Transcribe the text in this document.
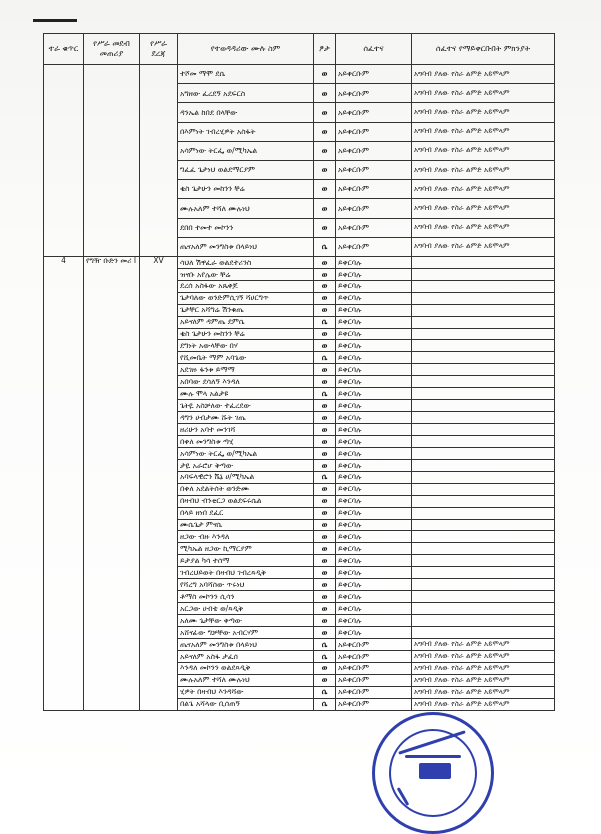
ተራ ቁጥር	የሥራ መደብ መጠሪያ	የሥራ ደረጃ	የተወዳዳሪው ሙሉ ስም	ፆታ	ሰፈተና	ሰፈተና የማይቀርቡበት ምክንያት
			ተሾመ ማሞ ደሴ	ወ	አይቀርቡም	አግባብ ያለው የስራ ልምድ አይሞላም
			አግዘው ፈረደኝ አደፍርስ	ወ	አይቀርቡም	አግባብ ያለው የስራ ልምድ አይሞላም
			ዳንኤል ከበደ በላቸው	ወ	አይቀርቡም	አግባብ ያለው የስራ ልምድ አይሞላም
			በእምነት ገብረሂዎት አስፋት	ወ	አይቀርቡም	አግባብ ያለው የስራ ልምድ አይሞላም
			አሳምነው ትርፌ ወ/ሚካኤል	ወ	አይቀርቡም	አግባብ ያለው የስራ ልምድ አይሞላም
			ግፈፈ ጌታነህ ወልደማርያም	ወ	አይቀርቡም	አግባብ ያለው የስራ ልምድ አይሞላም
			ቂስ ጌታሁን መከንን ቸሬ	ወ	አይቀርቡም	አግባብ ያለው የስራ ልምድ አይሞላም
			ሙሉአለም ተሻለ ሙሉነህ	ወ	አይቀርቡም	አግባብ ያለው የስራ ልምድ አይሞላም
			ደበበ ተመተ መኮንን	ወ	አይቀርቡም	አግባብ ያለው የስራ ልምድ አይሞላም
			ጤናአለም መንግስቱ በላይነህ	ሴ	አይቀርቡም	አግባብ ያለው የስራ ልምድ አይሞላም
4	የግዥ ቡድን መሪ I	XV	ሳህለ ሽዋፈራ ወልደተሪንስ	ወ	ይቀርባሉ	
			ዝናቡ አየሌው ቸሬ	ወ	ይቀርባሉ	
			ደረሰ አስፋው አጼቀጆ	ወ	ይቀርባሉ	
			ጌታባለው ወንድምሲገኝ ሻሀርግጥ	ወ	ይቀርባሉ	
			ጌታቸር አሻግሬ ሽንቁጤ	ወ	ይቀርባሉ	
			አይናለም ዳምጤ ደምሴ	ሴ	ይቀርባሉ	
			ቂስ ጌታሁን መከንን ቸሬ	ወ	ይቀርባሉ	
			ደግነት አውላቸው በሃ	ወ	ይቀርባሉ	
			የሺመቤት ማም አባጌው	ሴ	ይቀርባሉ	
			አደገዙ ፋንቱ ይማማ	ወ	ይቀርባሉ	
			አበባው ደሳለኝ እንዳለ	ወ	ይቀርባሉ	
			ሙሉ ሞላ አልታዩ	ሴ	ይቀርባሉ	
			ጌትዬ አስቻለው ተፈረደው	ወ	ይቀርባሉ	
			ዳግን ሀብታሙ ሹት ገጤ	ወ	ይቀርባሉ	
			ዘሪሁን አባተ መንገሻ	ወ	ይቀርባሉ	
			በቀለ መንግስቱ ጣሂ	ወ	ይቀርባሉ	
			አሳምነው ትርፌ ወ/ሚካኤል	ወ	ይቀርባሉ	
			ታዬ አራሮሆ ቅጣው	ወ	ይቀርባሉ	
			አባፍላዊሮን ሼኔ ሀ/ሚካኤል	ሴ	ይቀርባሉ	
			በቀለ አደልትሰት ወንድሙ	ወ	ይቀርባሉ	
			በዛብህ ብንቲርጋ ወልደፍሩሴል	ወ	ይቀርባሉ	
			በላይ ዘነበ ደፈር	ወ	ይቀርባሉ	
			ሙሴጌታ ምናሴ	ወ	ይቀርባሉ	
			ዘጋው ብዙ እንዳለ	ወ	ይቀርባሉ	
			ሚካኤል ዘጋው ኪማርያም	ወ	ይቀርባሉ	
			ይታያል ካሳ ተሰማ	ወ	ይቀርባሉ	
			ገብረህይወት በዛብህ ገብረጻዲቅ	ወ	ይቀርባሉ	
			የሻረግ አባሻሰው ጥሩነህ	ወ	ይቀርባሉ	
			ቶማስ መኮንን ሲሳን	ወ	ይቀርባሉ	
			አርጋው ሀብቴ ወ/ጻዲቅ	ወ	ይቀርባሉ	
			አለሙ ጌታቸው ቀጣው	ወ	ይቀርባሉ	
			አሸናፊው ግቻቸው አብርሃም	ወ	ይቀርባሉ	
			ጤናአለም መንግስቱ በላይነህ	ሴ	አይቀርቡም	አግባብ ያለው የስራ ልምድ አይሞላም
			አይናለም አስፋ ታፈሰ	ሴ	አይቀርቡም	አግባብ ያለው የስራ ልምድ አይሞላም
			እንዳለ መኮንን ወልደጻዲቅ	ወ	አይቀርቡም	አግባብ ያለው የስራ ልምድ አይሞላም
			ሙሉአለም ተሻለ ሙሉነህ	ወ	አይቀርቡም	አግባብ ያለው የስራ ልምድ አይሞላም
			ሂዎት በዛብህ እንዳሻው	ሴ	አይቀርቡም	አግባብ ያለው የስራ ልምድ አይሞላም
			በልጌ አሻላው ቢሰጠኝ	ሴ	አይቀርቡም	አግባብ ያለው የስራ ልምድ አይሞላም
